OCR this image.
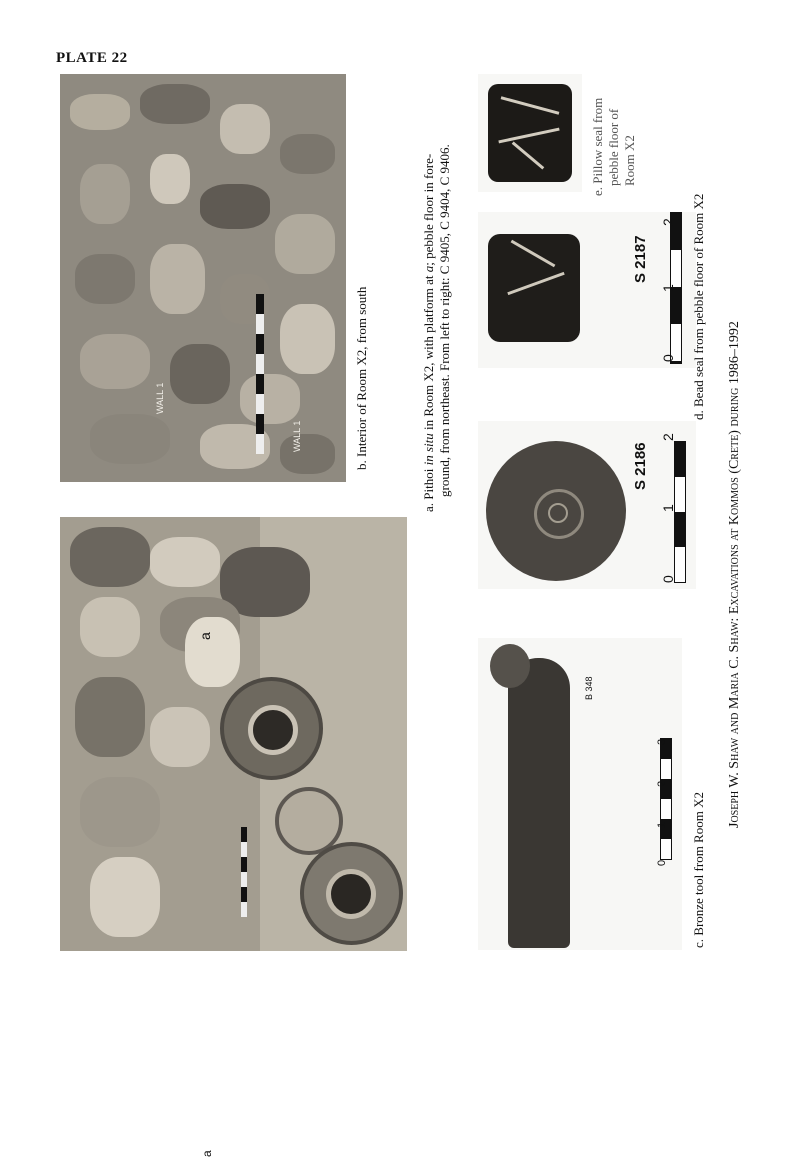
PLATE 22
WALL 1
WALL 1
a
a
B 348
0
1
2
3
S 2186
0
1
2
S 2187
0
1
2
b. Interior of Room X2, from south
a. Pithoi in situ in Room X2, with platform at a; pebble floor in fore- ground, from northeast. From left to right: C 9405, C 9404, C 9406.
c. Bronze tool from Room X2
d. Bead seal from pebble floor of Room X2
e. Pillow seal from pebble floor of Room X2
Joseph W. Shaw and Maria C. Shaw: Excavations at Kommos (Crete) during 1986–1992
